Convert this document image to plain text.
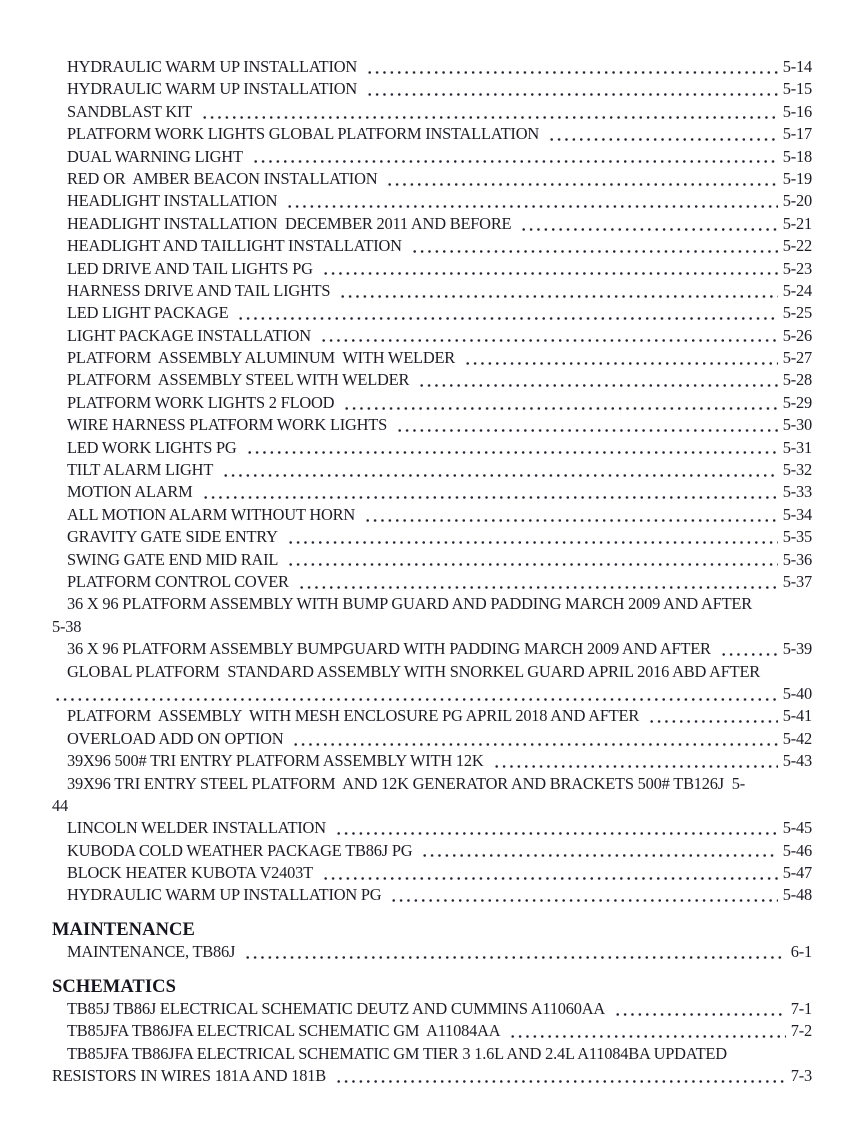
HYDRAULIC WARM UP INSTALLATION	5-14
HYDRAULIC WARM UP INSTALLATION	5-15
SANDBLAST KIT	5-16
PLATFORM WORK LIGHTS GLOBAL PLATFORM INSTALLATION	5-17
DUAL WARNING LIGHT	5-18
RED OR  AMBER BEACON INSTALLATION	5-19
HEADLIGHT INSTALLATION	5-20
HEADLIGHT INSTALLATION  DECEMBER 2011 AND BEFORE	5-21
HEADLIGHT AND TAILLIGHT INSTALLATION	5-22
LED DRIVE AND TAIL LIGHTS PG	5-23
HARNESS DRIVE AND TAIL LIGHTS	5-24
LED LIGHT PACKAGE	5-25
LIGHT PACKAGE INSTALLATION	5-26
PLATFORM  ASSEMBLY ALUMINUM  WITH WELDER	5-27
PLATFORM  ASSEMBLY STEEL WITH WELDER	5-28
PLATFORM WORK LIGHTS 2 FLOOD	5-29
WIRE HARNESS PLATFORM WORK LIGHTS	5-30
LED WORK LIGHTS PG	5-31
TILT ALARM LIGHT	5-32
MOTION ALARM	5-33
ALL MOTION ALARM WITHOUT HORN	5-34
GRAVITY GATE SIDE ENTRY	5-35
SWING GATE END MID RAIL	5-36
PLATFORM CONTROL COVER	5-37
36 X 96 PLATFORM ASSEMBLY WITH BUMP GUARD AND PADDING MARCH 2009 AND AFTER
5-38
36 X 96 PLATFORM ASSEMBLY BUMPGUARD WITH PADDING MARCH 2009 AND AFTER	5-39
GLOBAL PLATFORM  STANDARD ASSEMBLY WITH SNORKEL GUARD APRIL 2016 ABD AFTER
5-40
PLATFORM  ASSEMBLY  WITH MESH ENCLOSURE PG APRIL 2018 AND AFTER	5-41
OVERLOAD ADD ON OPTION	5-42
39X96 500# TRI ENTRY PLATFORM ASSEMBLY WITH 12K	5-43
39X96 TRI ENTRY STEEL PLATFORM  AND 12K GENERATOR AND BRACKETS 500# TB126J  5-
44
LINCOLN WELDER INSTALLATION	5-45
KUBODA COLD WEATHER PACKAGE TB86J PG	5-46
BLOCK HEATER KUBOTA V2403T	5-47
HYDRAULIC WARM UP INSTALLATION PG	5-48
MAINTENANCE
MAINTENANCE, TB86J	6-1
SCHEMATICS
TB85J TB86J ELECTRICAL SCHEMATIC DEUTZ AND CUMMINS A11060AA	7-1
TB85JFA TB86JFA ELECTRICAL SCHEMATIC GM  A11084AA	7-2
TB85JFA TB86JFA ELECTRICAL SCHEMATIC GM TIER 3 1.6L AND 2.4L A11084BA UPDATED
RESISTORS IN WIRES 181A AND 181B	7-3
